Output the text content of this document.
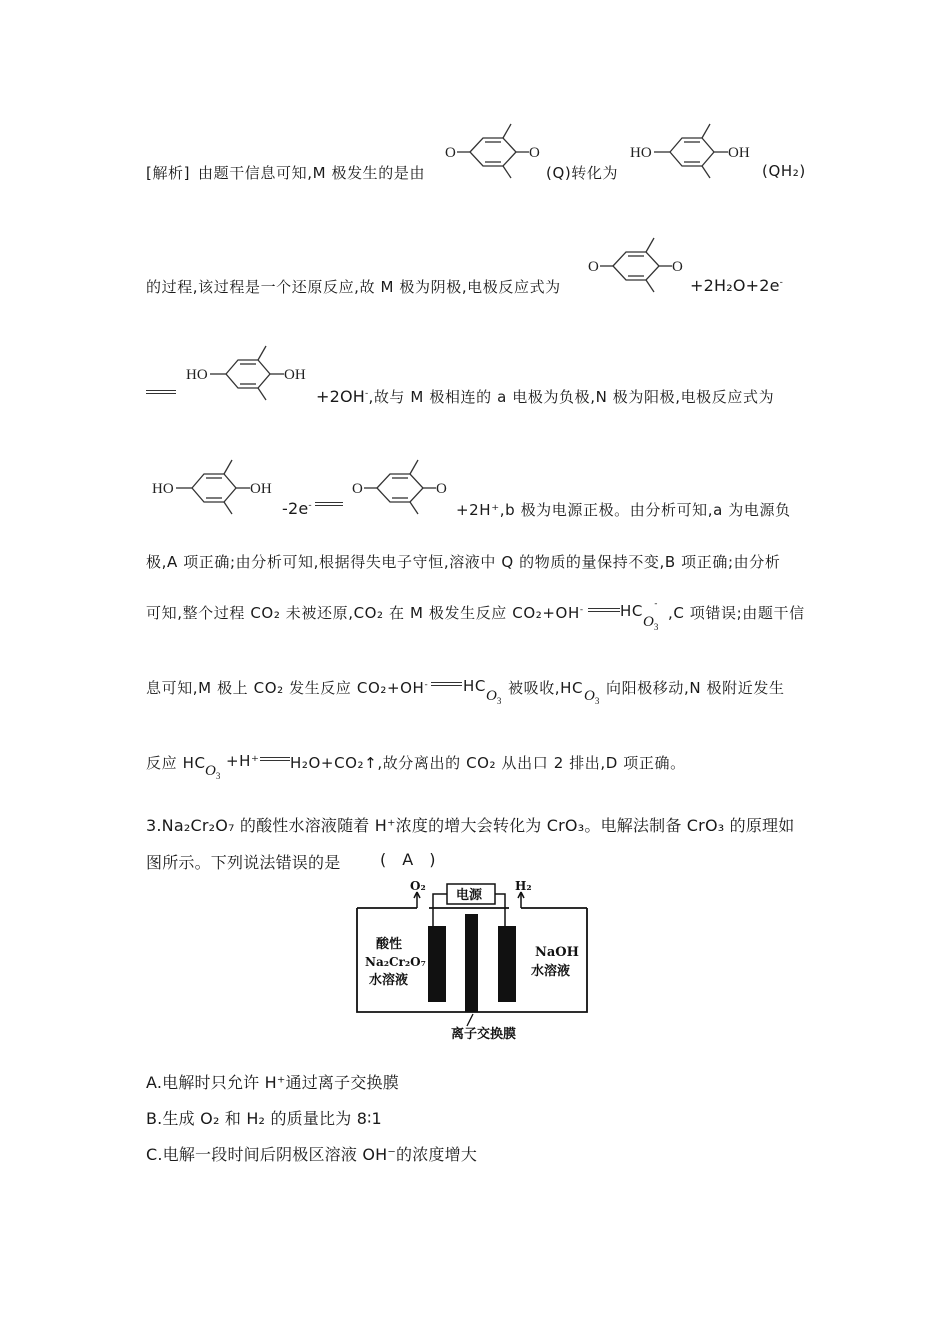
[解析] 由题干信息可知,M 极发生的是由
O	O
(Q)转化为
HO	OH
(QH₂)
的过程,该过程是一个还原反应,故 M 极为阴极,电极反应式为
O	O
+2H₂O+2e-
HO	OH
+2OH-,故与 M 极相连的 a 电极为负极,N 极为阳极,电极反应式为
HO	OH
-2e-
O	O
+2H⁺,b 极为电源正极。由分析可知,a 为电源负
极,A 项正确;由分析可知,根据得失电子守恒,溶液中 Q 的物质的量保持不变,B 项正确;由分析
可知,整个过程 CO₂ 未被还原,CO₂ 在 M 极发生反应 CO₂+OH- HC
$O_3^-$
,C 项错误;由题干信
息可知,M 极上 CO₂ 发生反应 CO₂+OH- HC
$O_3$
被吸收,HC $O_3$
向阳极移动,N 极附近发生
反应 HC $O_3$
+H⁺ H₂O+CO₂↑,故分离出的 CO₂ 从出口 2 排出,D 项正确。
3.Na₂Cr₂O₇ 的酸性水溶液随着 H⁺浓度的增大会转化为 CrO₃。电解法制备 CrO₃ 的原理如
图所示。下列说法错误的是 (   A   )
O₂	H₂
电源
酸性
Na₂Cr₂O₇
水溶液
NaOH
水溶液
离子交换膜
A.电解时只允许 H⁺通过离子交换膜
B.生成 O₂ 和 H₂ 的质量比为 8∶1
C.电解一段时间后阴极区溶液 OH⁻的浓度增大
